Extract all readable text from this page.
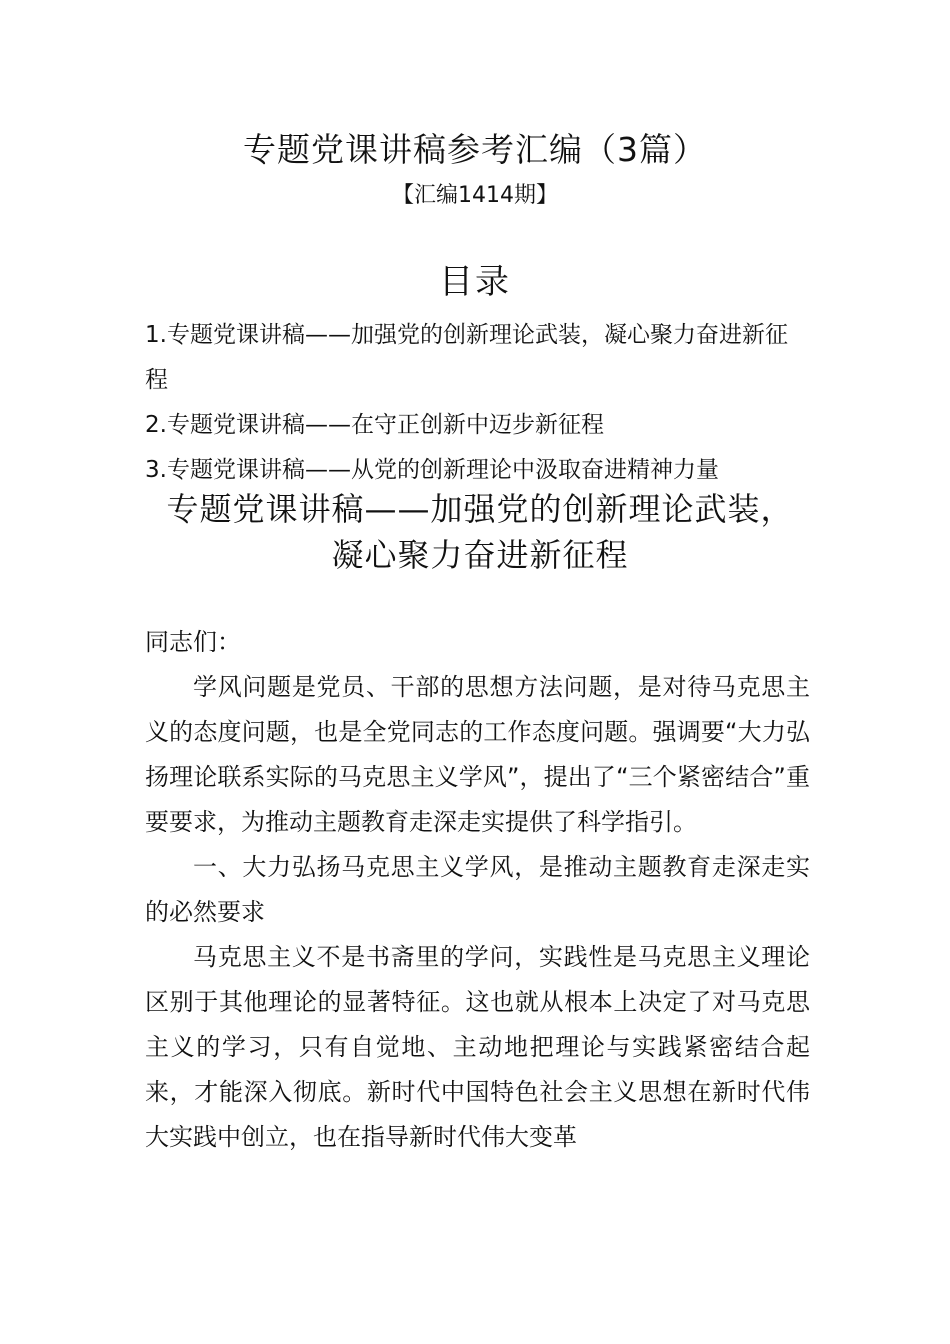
专题党课讲稿参考汇编（3篇）
【汇编1414期】
目录

1.专题党课讲稿——加强党的创新理论武装，凝心聚力奋进新征程

2.专题党课讲稿——在守正创新中迈步新征程

3.专题党课讲稿——从党的创新理论中汲取奋进精神力量

专题党课讲稿——加强党的创新理论武装，
凝心聚力奋进新征程

同志们：

学风问题是党员、干部的思想方法问题，是对待马克思主义的态度问题，也是全党同志的工作态度问题。强调要“大力弘扬理论联系实际的马克思主义学风”，提出了“三个紧密结合”重要要求，为推动主题教育走深走实提供了科学指引。

一、大力弘扬马克思主义学风，是推动主题教育走深走实的必然要求

马克思主义不是书斋里的学问，实践性是马克思主义理论区别于其他理论的显著特征。这也就从根本上决定了对马克思主义的学习，只有自觉地、主动地把理论与实践紧密结合起来，才能深入彻底。新时代中国特色社会主义思想在新时代伟大实践中创立，也在指导新时代伟大变革
